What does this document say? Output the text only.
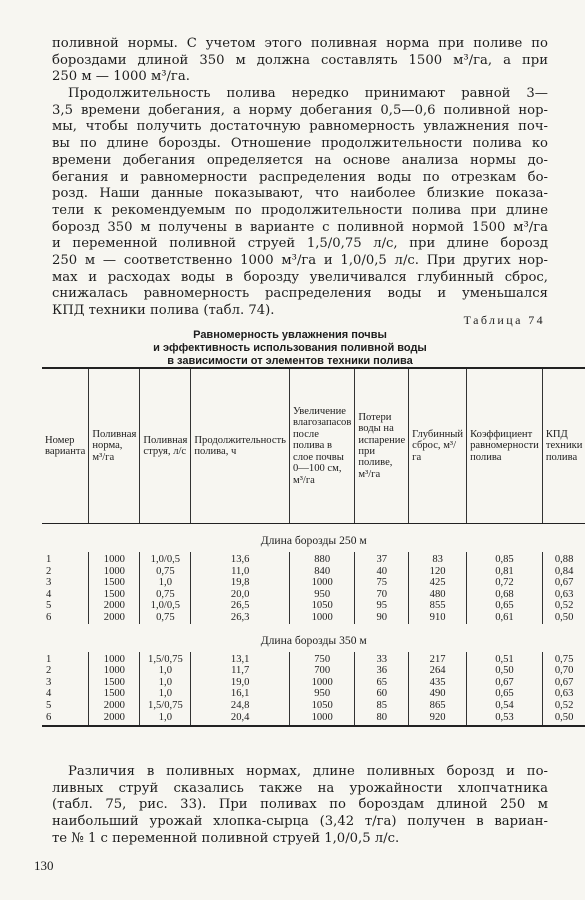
поливной нормы. С учетом этого поливная норма при поливе по
бороздами длиной 350 м должна составлять 1500 м³/га, а при
250 м — 1000 м³/га.

Продолжительность полива нередко принимают равной 3—
3,5 времени добегания, а норму добегания 0,5—0,6 поливной нор-
мы, чтобы получить достаточную равномерность увлажнения поч-
вы по длине борозды. Отношение продолжительности полива ко
времени добегания определяется на основе анализа нормы до-
бегания и равномерности распределения воды по отрезкам бо-
розд. Наши данные показывают, что наиболее близкие показа-
тели к рекомендуемым по продолжительности полива при длине
борозд 350 м получены в варианте с поливной нормой 1500 м³/га
и переменной поливной струей 1,5/0,75 л/с, при длине борозд
250 м — соответственно 1000 м³/га и 1,0/0,5 л/с. При других нор-
мах и расходах воды в борозду увеличивался глубинный сброс,
снижалась равномерность распределения воды и уменьшался
КПД техники полива (табл. 74).

Таблица 74
Равномерность увлажнения почвы
и эффективность использования поливной воды
в зависимости от элементов техники полива
Номер варианта	Поливная норма, м³/га	Поливная струя, л/с	Продолжительность полива, ч	Увеличение влагозапасов после полива в слое почвы 0—100 см, м³/га	Потери воды на испарение при поливе, м³/га	Глубинный сброс, м³/га	Коэффициент равномерности полива	КПД техники полива
Длина борозды 250 м								
1	1000	1,0/0,5	13,6	880	37	83	0,85	0,88
2	1000	0,75	11,0	840	40	120	0,81	0,84
3	1500	1,0	19,8	1000	75	425	0,72	0,67
4	1500	0,75	20,0	950	70	480	0,68	0,63
5	2000	1,0/0,5	26,5	1050	95	855	0,65	0,52
6	2000	0,75	26,3	1000	90	910	0,61	0,50
Длина борозды 350 м								
1	1000	1,5/0,75	13,1	750	33	217	0,51	0,75
2	1000	1,0	11,7	700	36	264	0,50	0,70
3	1500	1,0	19,0	1000	65	435	0,67	0,67
4	1500	1,0	16,1	950	60	490	0,65	0,63
5	2000	1,5/0,75	24,8	1050	85	865	0,54	0,52
6	2000	1,0	20,4	1000	80	920	0,53	0,50

Различия в поливных нормах, длине поливных борозд и по-
ливных струй сказались также на урожайности хлопчатника
(табл. 75, рис. 33). При поливах по бороздам длиной 250 м
наибольший урожай хлопка-сырца (3,42 т/га) получен в вариан-
те № 1 с переменной поливной струей 1,0/0,5 л/с.

130
